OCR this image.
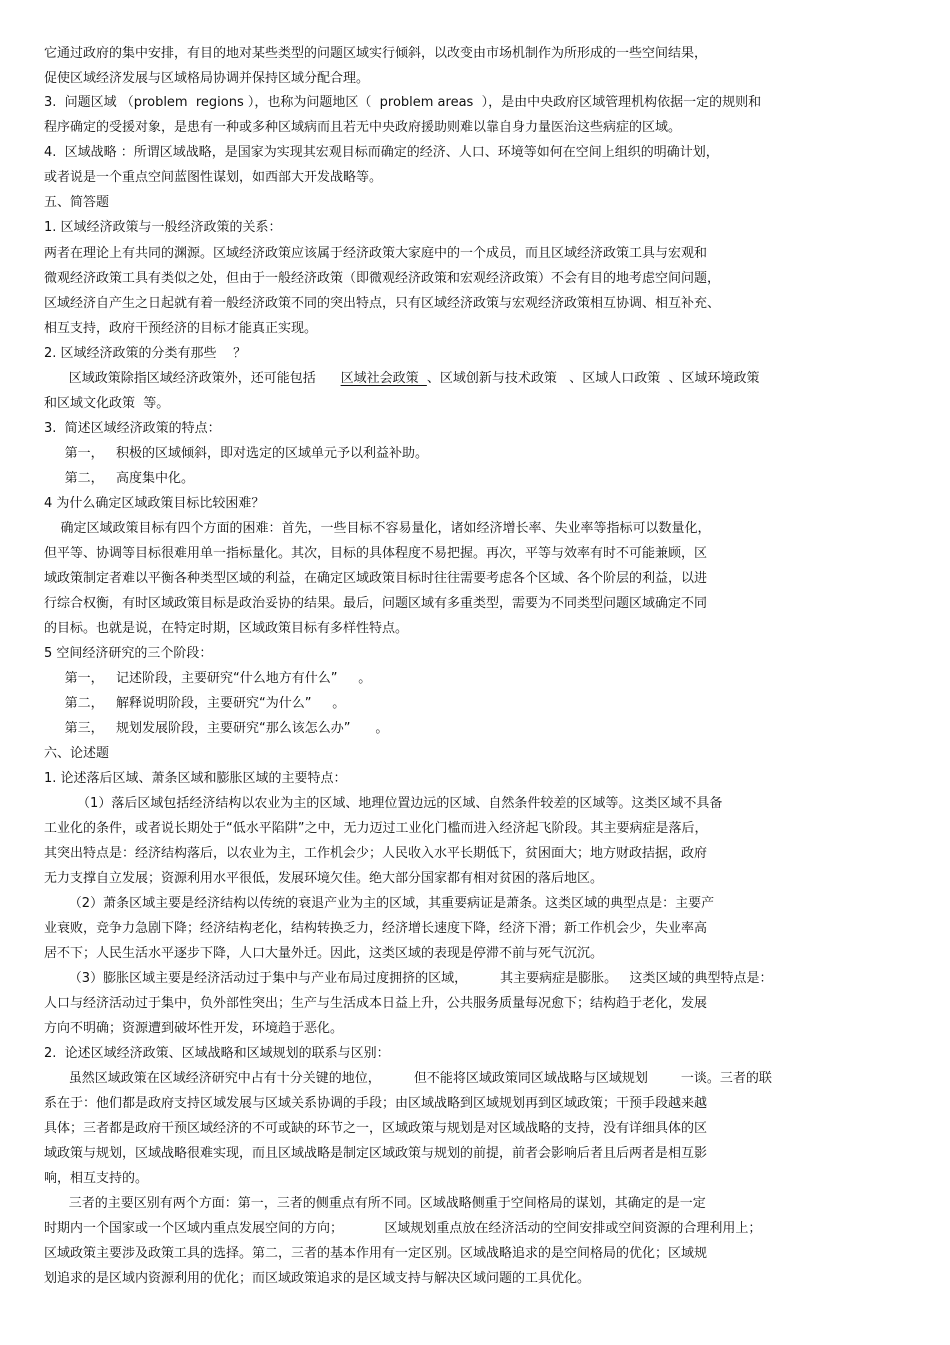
它通过政府的集中安排，有目的地对某些类型的问题区域实行倾斜，以改变由市场机制作为所形成的一些空间结果，
促使区域经济发展与区域格局协调并保持区域分配合理。
3.  问题区域 （problem  regions ），也称为问题地区（  problem areas  ），是由中央政府区域管理机构依据一定的规则和
程序确定的受援对象，是患有一种或多种区域病而且若无中央政府援助则难以靠自身力量医治这些病症的区域。
4.  区域战略 ：所谓区域战略，是国家为实现其宏观目标而确定的经济、人口、环境等如何在空间上组织的明确计划，
或者说是一个重点空间蓝图性谋划，如西部大开发战略等。
五、简答题
1. 区域经济政策与一般经济政策的关系：
两者在理论上有共同的渊源。区域经济政策应该属于经济政策大家庭中的一个成员，而且区域经济政策工具与宏观和
微观经济政策工具有类似之处，但由于一般经济政策（即微观经济政策和宏观经济政策）不会有目的地考虑空间问题，
区域经济自产生之日起就有着一般经济政策不同的突出特点，只有区域经济政策与宏观经济政策相互协调、相互补充、
相互支持，政府干预经济的目标才能真正实现。
2. 区域经济政策的分类有那些    ？
区域政策除指区域经济政策外，还可能包括      区域社会政策  、区域创新与技术政策   、区域人口政策  、区域环境政策
和区域文化政策  等。
3.  简述区域经济政策的特点：
第一，   积极的区域倾斜，即对选定的区域单元予以利益补助。
第二，   高度集中化。
4 为什么确定区域政策目标比较困难？
确定区域政策目标有四个方面的困难：首先，一些目标不容易量化，诸如经济增长率、失业率等指标可以数量化，
但平等、协调等目标很难用单一指标量化。其次，目标的具体程度不易把握。再次，平等与效率有时不可能兼顾，区
域政策制定者难以平衡各种类型区域的利益，在确定区域政策目标时往往需要考虑各个区域、各个阶层的利益，以进
行综合权衡，有时区域政策目标是政治妥协的结果。最后，问题区域有多重类型，需要为不同类型问题区域确定不同
的目标。也就是说，在特定时期，区域政策目标有多样性特点。
5 空间经济研究的三个阶段：
第一，   记述阶段，主要研究“什么地方有什么”     。
第二，   解释说明阶段，主要研究“为什么”     。
第三，   规划发展阶段，主要研究“那么该怎么办”      。
六、论述题
1. 论述落后区域、萧条区域和膨胀区域的主要特点：
（1）落后区域包括经济结构以农业为主的区域、地理位置边远的区域、自然条件较差的区域等。这类区域不具备
工业化的条件，或者说长期处于“低水平陷阱”之中，无力迈过工业化门槛而进入经济起飞阶段。其主要病症是落后，
其突出特点是：经济结构落后，以农业为主，工作机会少；人民收入水平长期低下，贫困面大；地方财政拮据，政府
无力支撑自立发展；资源利用水平很低，发展环境欠佳。绝大部分国家都有相对贫困的落后地区。
（2）萧条区域主要是经济结构以传统的衰退产业为主的区域，其重要病证是萧条。这类区域的典型点是：主要产
业衰败，竞争力急剧下降；经济结构老化，结构转换乏力，经济增长速度下降，经济下滑；新工作机会少，失业率高
居不下；人民生活水平逐步下降，人口大量外迁。因此，这类区域的表现是停滞不前与死气沉沉。
（3）膨胀区域主要是经济活动过于集中与产业布局过度拥挤的区域，        其主要病症是膨胀。   这类区域的典型特点是：
人口与经济活动过于集中，负外部性突出；生产与生活成本日益上升，公共服务质量每况愈下；结构趋于老化，发展
方向不明确；资源遭到破坏性开发，环境趋于恶化。
2.  论述区域经济政策、区域战略和区域规划的联系与区别：
虽然区域政策在区域经济研究中占有十分关键的地位，        但不能将区域政策同区域战略与区域规划        一谈。三者的联
系在于：他们都是政府支持区域发展与区域关系协调的手段；由区域战略到区域规划再到区域政策；干预手段越来越
具体；三者都是政府干预区域经济的不可或缺的环节之一，区域政策与规划是对区域战略的支持，没有详细具体的区
域政策与规划，区域战略很难实现，而且区域战略是制定区域政策与规划的前提，前者会影响后者且后两者是相互影
响，相互支持的。
三者的主要区别有两个方面：第一，三者的侧重点有所不同。区域战略侧重于空间格局的谋划，其确定的是一定
时期内一个国家或一个区域内重点发展空间的方向；          区域规划重点放在经济活动的空间安排或空间资源的合理利用上；
区域政策主要涉及政策工具的选择。第二，三者的基本作用有一定区别。区域战略追求的是空间格局的优化；区域规
划追求的是区域内资源利用的优化；而区域政策追求的是区域支持与解决区域问题的工具优化。
